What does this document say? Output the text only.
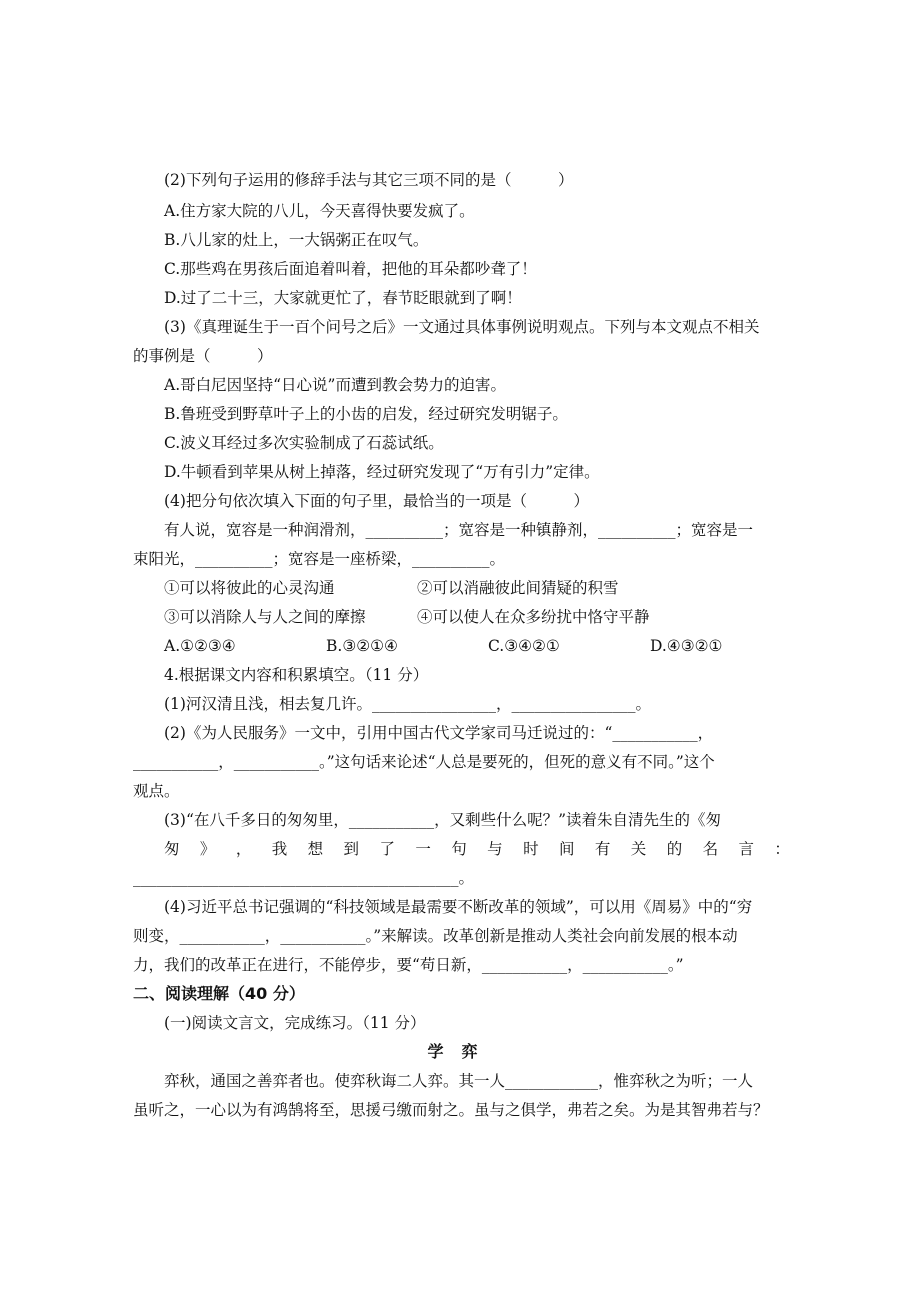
(2)下列句子运用的修辞手法与其它三项不同的是（　　　）
A.住方家大院的八儿，今天喜得快要发疯了。
B.八儿家的灶上，一大锅粥正在叹气。
C.那些鸡在男孩后面追着叫着，把他的耳朵都吵聋了！
D.过了二十三，大家就更忙了，春节眨眼就到了啊！
(3)《真理诞生于一百个问号之后》一文通过具体事例说明观点。下列与本文观点不相关
的事例是（　　　）
A.哥白尼因坚持“日心说”而遭到教会势力的迫害。
B.鲁班受到野草叶子上的小齿的启发，经过研究发明锯子。
C.波义耳经过多次实验制成了石蕊试纸。
D.牛顿看到苹果从树上掉落，经过研究发现了“万有引力”定律。
(4)把分句依次填入下面的句子里，最恰当的一项是（　　　）
有人说，宽容是一种润滑剂，__________；宽容是一种镇静剂，__________；宽容是一
束阳光，__________；宽容是一座桥梁，__________。
①可以将彼此的心灵沟通	②可以消融彼此间猜疑的积雪
③可以消除人与人之间的摩擦	④可以使人在众多纷扰中恪守平静
A.①②③④	B.③②①④	C.③④②①	D.④③②①
4.根据课文内容和积累填空。（11 分）
(1)河汉清且浅，相去复几许。________________，________________。
(2)《为人民服务》一文中，引用中国古代文学家司马迁说过的：“___________，
___________，___________。”这句话来论述“人总是要死的，但死的意义有不同。”这个
观点。
(3)“在八千多日的匆匆里，___________，又剩些什么呢？”读着朱自清先生的《匆
匆 》 ， 我 想 到 了 一 句 与 时 间 有 关 的 名 言 ：
__________________________________________。
(4)习近平总书记强调的“科技领域是最需要不断改革的领域”，可以用《周易》中的“穷
则变，___________，___________。”来解读。改革创新是推动人类社会向前发展的根本动
力，我们的改革正在进行，不能停步，要“苟日新，___________，___________。”
二、阅读理解（40 分）
(一)阅读文言文，完成练习。（11 分）
学弈
弈秋，通国之善弈者也。使弈秋诲二人弈。其一人____________，惟弈秋之为听；一人
虽听之，一心以为有鸿鹄将至，思援弓缴而射之。虽与之俱学，弗若之矣。为是其智弗若与？
